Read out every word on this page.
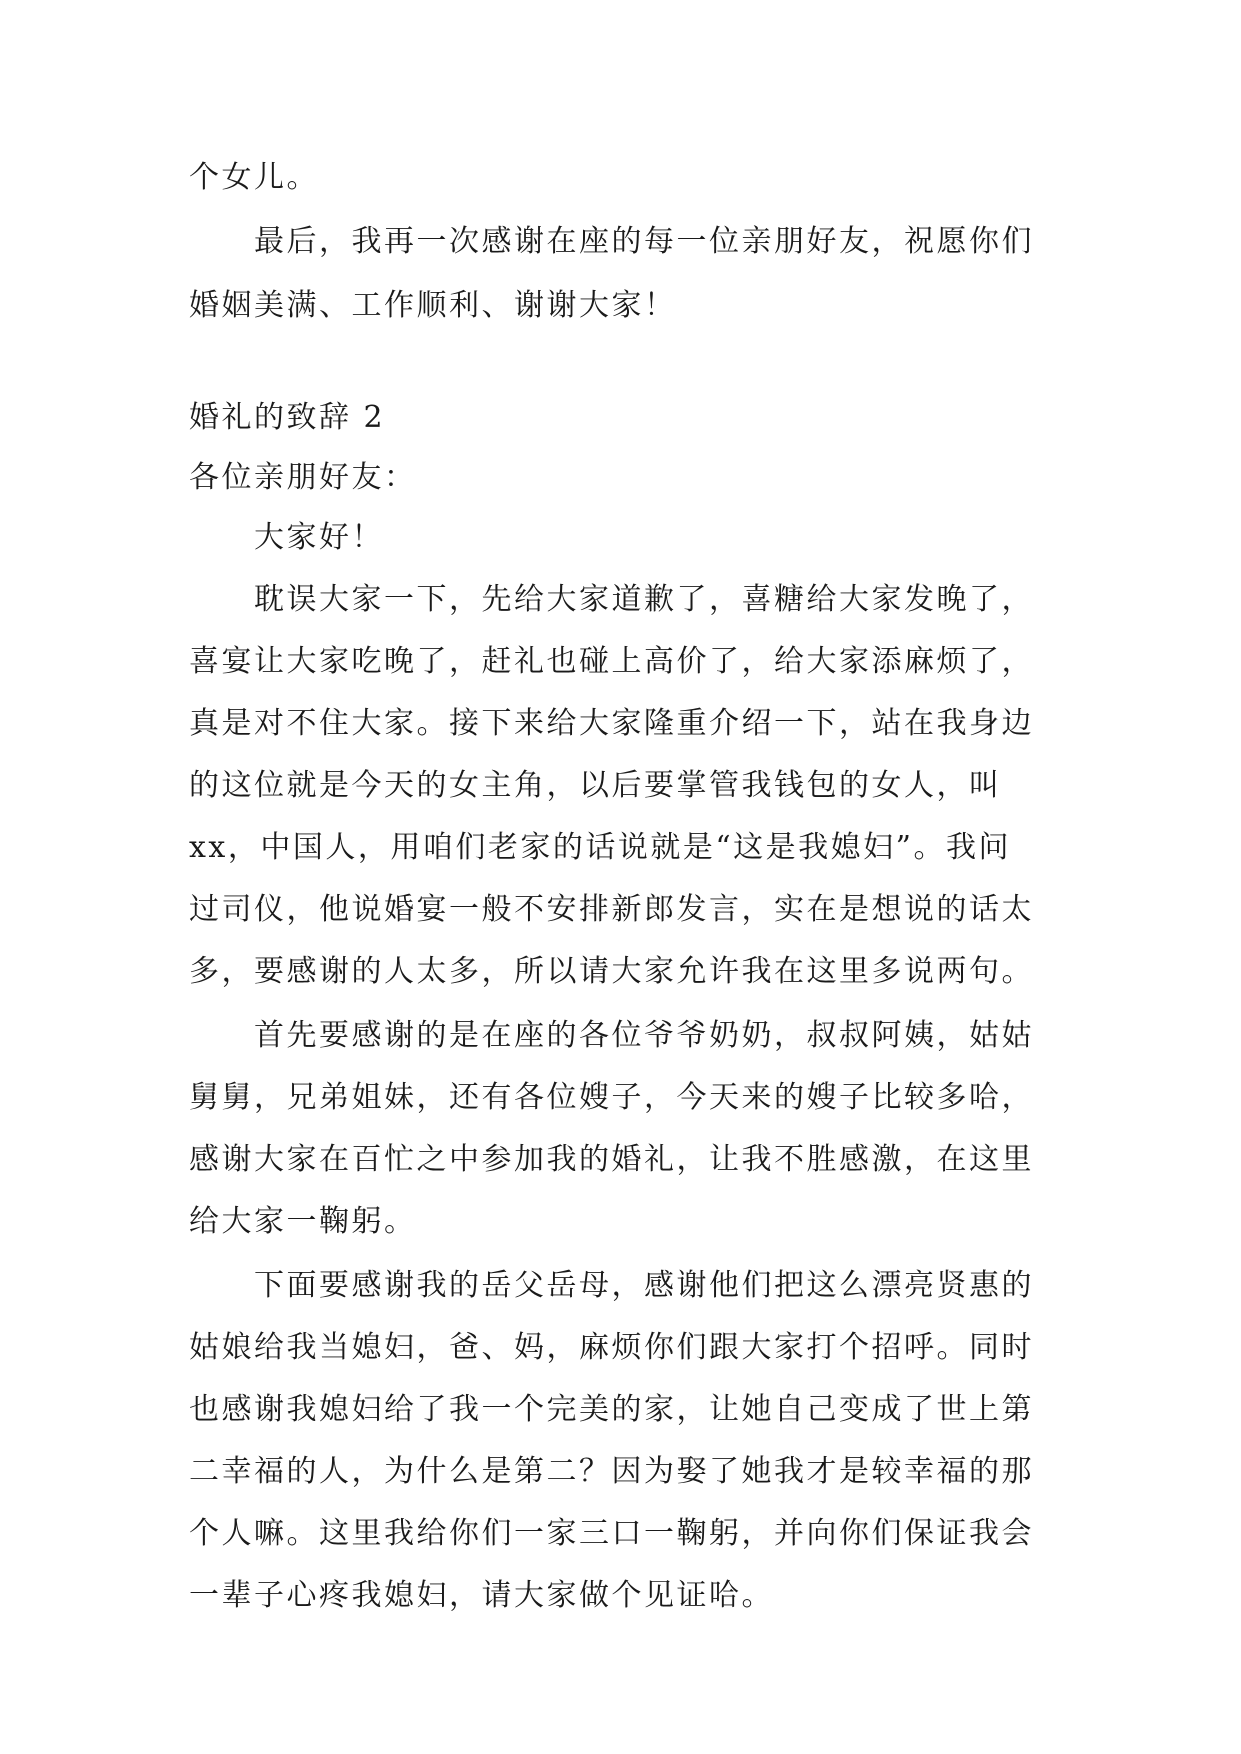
个女儿。
最后，我再一次感谢在座的每一位亲朋好友，祝愿你们
婚姻美满、工作顺利、谢谢大家！
婚礼的致辞 2
各位亲朋好友：
大家好！
耽误大家一下，先给大家道歉了，喜糖给大家发晚了，
喜宴让大家吃晚了，赶礼也碰上高价了，给大家添麻烦了，
真是对不住大家。接下来给大家隆重介绍一下，站在我身边
的这位就是今天的女主角，以后要掌管我钱包的女人，叫
xx，中国人，用咱们老家的话说就是“这是我媳妇”。我问
过司仪，他说婚宴一般不安排新郎发言，实在是想说的话太
多，要感谢的人太多，所以请大家允许我在这里多说两句。
首先要感谢的是在座的各位爷爷奶奶，叔叔阿姨，姑姑
舅舅，兄弟姐妹，还有各位嫂子，今天来的嫂子比较多哈，
感谢大家在百忙之中参加我的婚礼，让我不胜感激，在这里
给大家一鞠躬。
下面要感谢我的岳父岳母，感谢他们把这么漂亮贤惠的
姑娘给我当媳妇，爸、妈，麻烦你们跟大家打个招呼。同时
也感谢我媳妇给了我一个完美的家，让她自己变成了世上第
二幸福的人，为什么是第二？因为娶了她我才是较幸福的那
个人嘛。这里我给你们一家三口一鞠躬，并向你们保证我会
一辈子心疼我媳妇，请大家做个见证哈。
